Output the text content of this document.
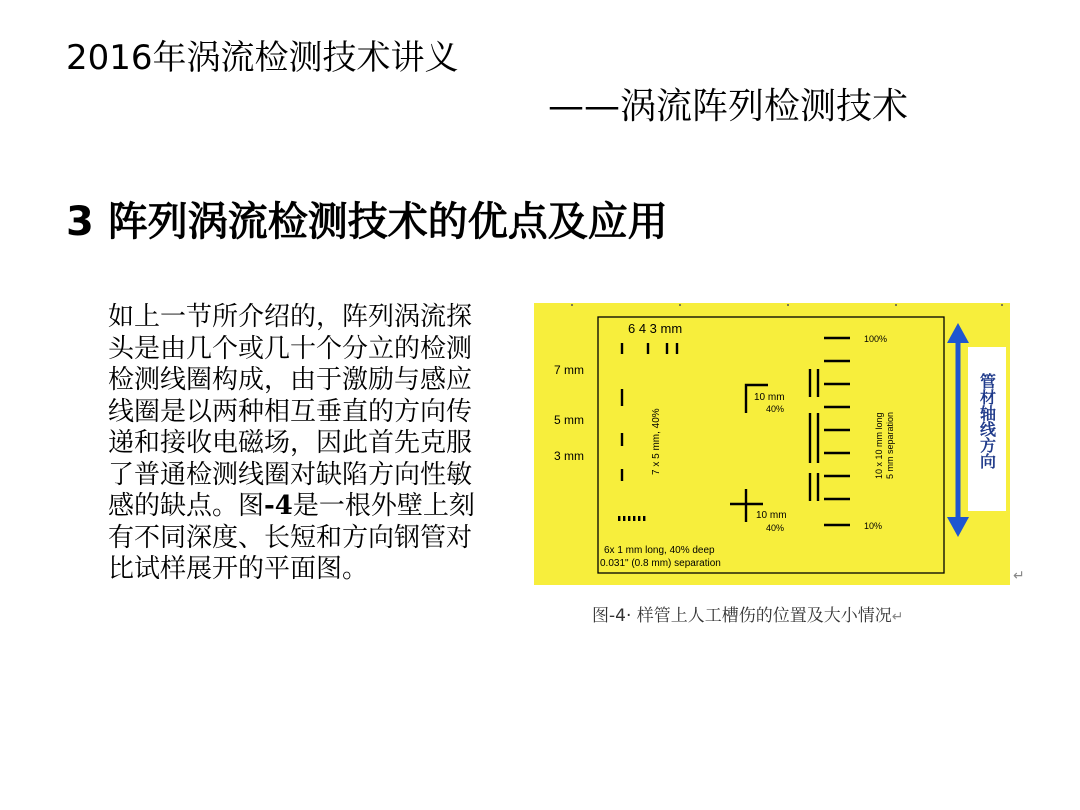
2016年涡流检测技术讲义
——涡流阵列检测技术
3 阵列涡流检测技术的优点及应用
如上一节所介绍的，阵列涡流探头是由几个或几十个分立的检测检测线圈构成，由于激励与感应线圈是以两种相互垂直的方向传递和接收电磁场，因此首先克服了普通检测线圈对缺陷方向性敏感的缺点。图-4是一根外壁上刻有不同深度、长短和方向钢管对比试样展开的平面图。
6 4 3 mm
7 mm
5 mm
3 mm	7 x 5 mm, 40%
6x 1 mm long, 40% deep
0.031" (0.8 mm) separation
10 mm
40%
10 mm
40%
100%
10%
10 x 10 mm long 5 mm separation	管材轴线方向
↵
图-4· 样管上人工槽伤的位置及大小情况↵
